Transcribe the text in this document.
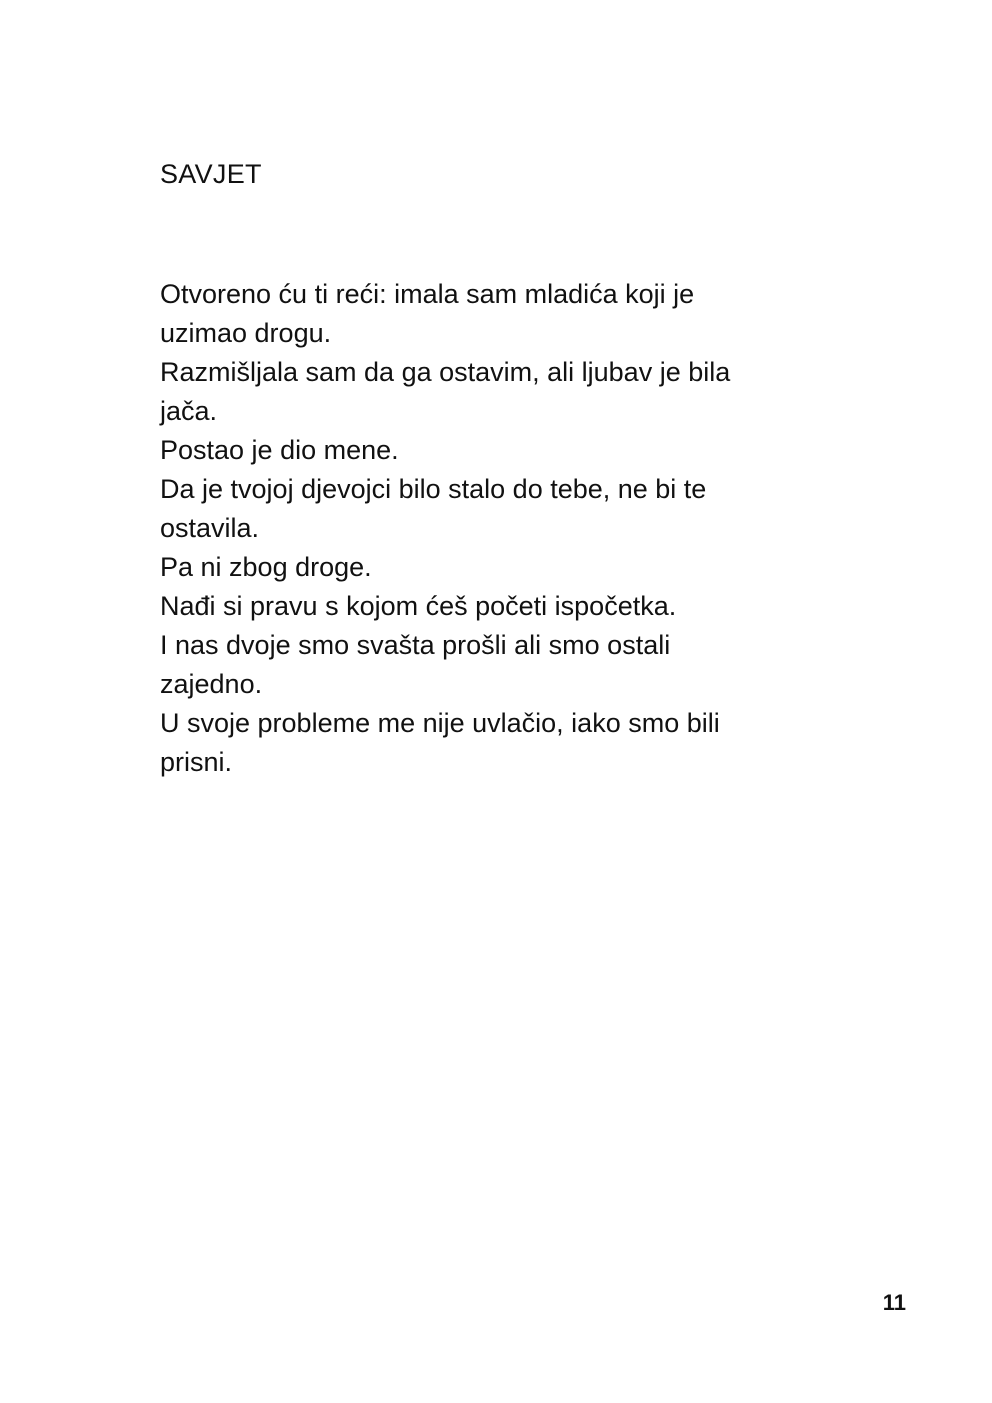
SAVJET
Otvoreno ću ti reći: imala sam mladića koji je
uzimao drogu.
Razmišljala sam da ga ostavim, ali ljubav je bila
jača.
Postao je dio mene.
Da je tvojoj djevojci bilo stalo do tebe, ne bi te
ostavila.
Pa ni zbog droge.
Nađi si pravu s kojom ćeš početi ispočetka.
I nas dvoje smo svašta prošli ali smo ostali
zajedno.
U svoje probleme me nije uvlačio, iako smo bili
prisni.
11
